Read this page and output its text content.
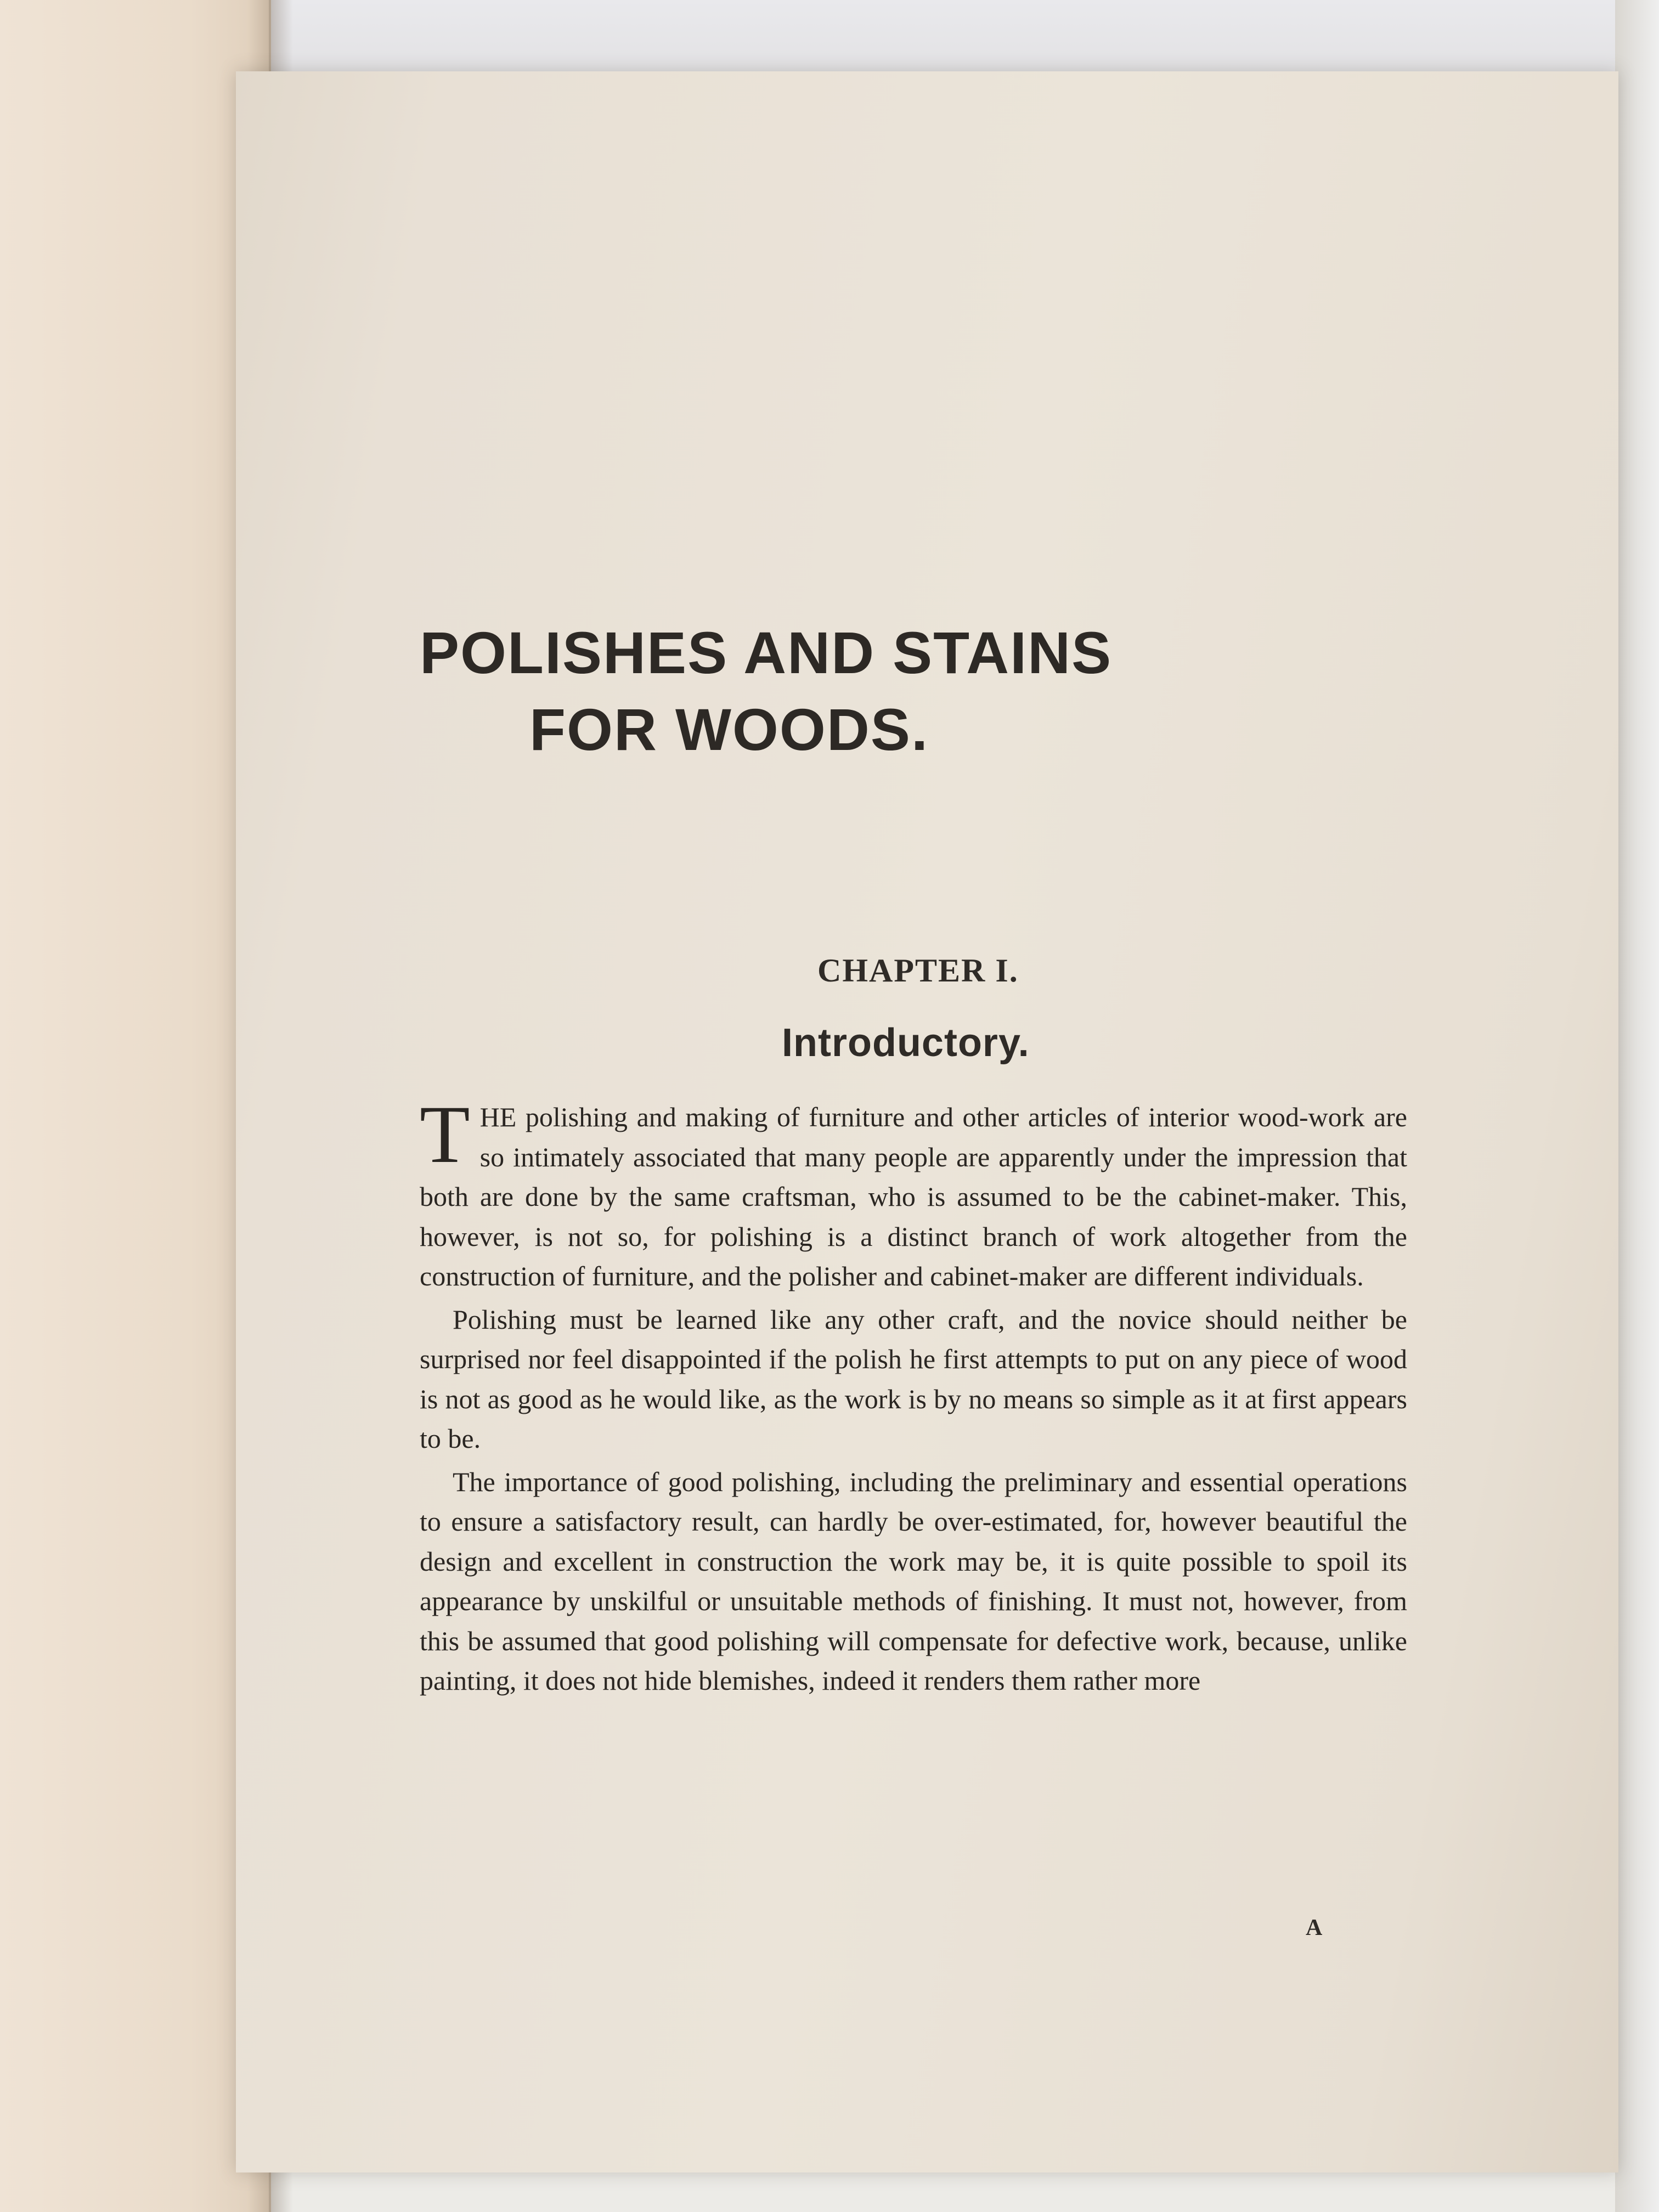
POLISHES AND STAINS
FOR WOODS.
CHAPTER I.
Introductory.

THE polishing and making of furniture and other articles of interior wood-work are so intimately associated that many people are apparently under the impression that both are done by the same craftsman, who is assumed to be the cabinet-maker. This, however, is not so, for polishing is a distinct branch of work altogether from the construction of furniture, and the polisher and cabinet-maker are different individuals.

Polishing must be learned like any other craft, and the novice should neither be surprised nor feel disappointed if the polish he first attempts to put on any piece of wood is not as good as he would like, as the work is by no means so simple as it at first appears to be.

The importance of good polishing, including the preliminary and essential operations to ensure a satisfactory result, can hardly be over-estimated, for, however beautiful the design and excellent in construction the work may be, it is quite possible to spoil its appearance by unskilful or unsuitable methods of finishing. It must not, however, from this be assumed that good polishing will compensate for defective work, because, unlike painting, it does not hide blemishes, indeed it renders them rather more

A
